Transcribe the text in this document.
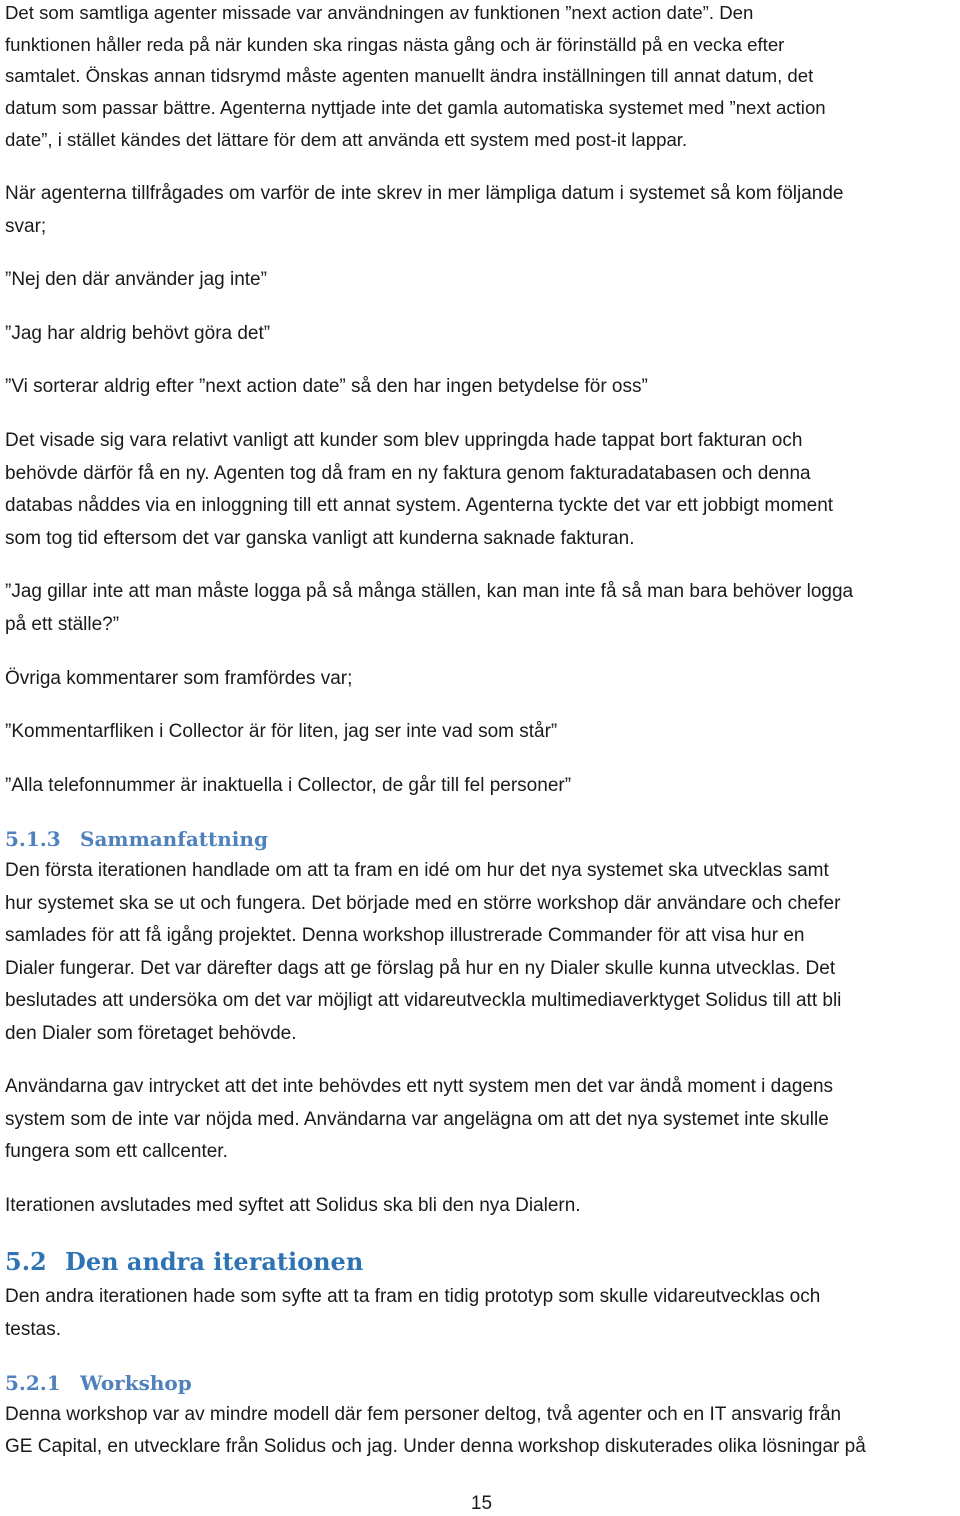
Det som samtliga agenter missade var användningen av funktionen ”next action date”. Den
funktionen håller reda på när kunden ska ringas nästa gång och är förinställd på en vecka efter
samtalet. Önskas annan tidsrymd måste agenten manuellt ändra inställningen till annat datum, det
datum som passar bättre. Agenterna nyttjade inte det gamla automatiska systemet med ”next action
date”, i stället kändes det lättare för dem att använda ett system med post-it lappar.
När agenterna tillfrågades om varför de inte skrev in mer lämpliga datum i systemet så kom följande
svar;
”Nej den där använder jag inte”
”Jag har aldrig behövt göra det”
”Vi sorterar aldrig efter ”next action date” så den har ingen betydelse för oss”
Det visade sig vara relativt vanligt att kunder som blev uppringda hade tappat bort fakturan och
behövde därför få en ny. Agenten tog då fram en ny faktura genom fakturadatabasen och denna
databas nåddes via en inloggning till ett annat system. Agenterna tyckte det var ett jobbigt moment
som tog tid eftersom det var ganska vanligt att kunderna saknade fakturan.
”Jag gillar inte att man måste logga på så många ställen, kan man inte få så man bara behöver logga
på ett ställe?”
Övriga kommentarer som framfördes var;
”Kommentarfliken i Collector är för liten, jag ser inte vad som står”
”Alla telefonnummer är inaktuella i Collector, de går till fel personer”
5.1.3 Sammanfattning
Den första iterationen handlade om att ta fram en idé om hur det nya systemet ska utvecklas samt
hur systemet ska se ut och fungera. Det började med en större workshop där användare och chefer
samlades för att få igång projektet. Denna workshop illustrerade Commander för att visa hur en
Dialer fungerar. Det var därefter dags att ge förslag på hur en ny Dialer skulle kunna utvecklas. Det
beslutades att undersöka om det var möjligt att vidareutveckla multimediaverktyget Solidus till att bli
den Dialer som företaget behövde.
Användarna gav intrycket att det inte behövdes ett nytt system men det var ändå moment i dagens
system som de inte var nöjda med. Användarna var angelägna om att det nya systemet inte skulle
fungera som ett callcenter.
Iterationen avslutades med syftet att Solidus ska bli den nya Dialern.
5.2 Den andra iterationen
Den andra iterationen hade som syfte att ta fram en tidig prototyp som skulle vidareutvecklas och
testas.
5.2.1 Workshop
Denna workshop var av mindre modell där fem personer deltog, två agenter och en IT ansvarig från
GE Capital, en utvecklare från Solidus och jag. Under denna workshop diskuterades olika lösningar på
15
